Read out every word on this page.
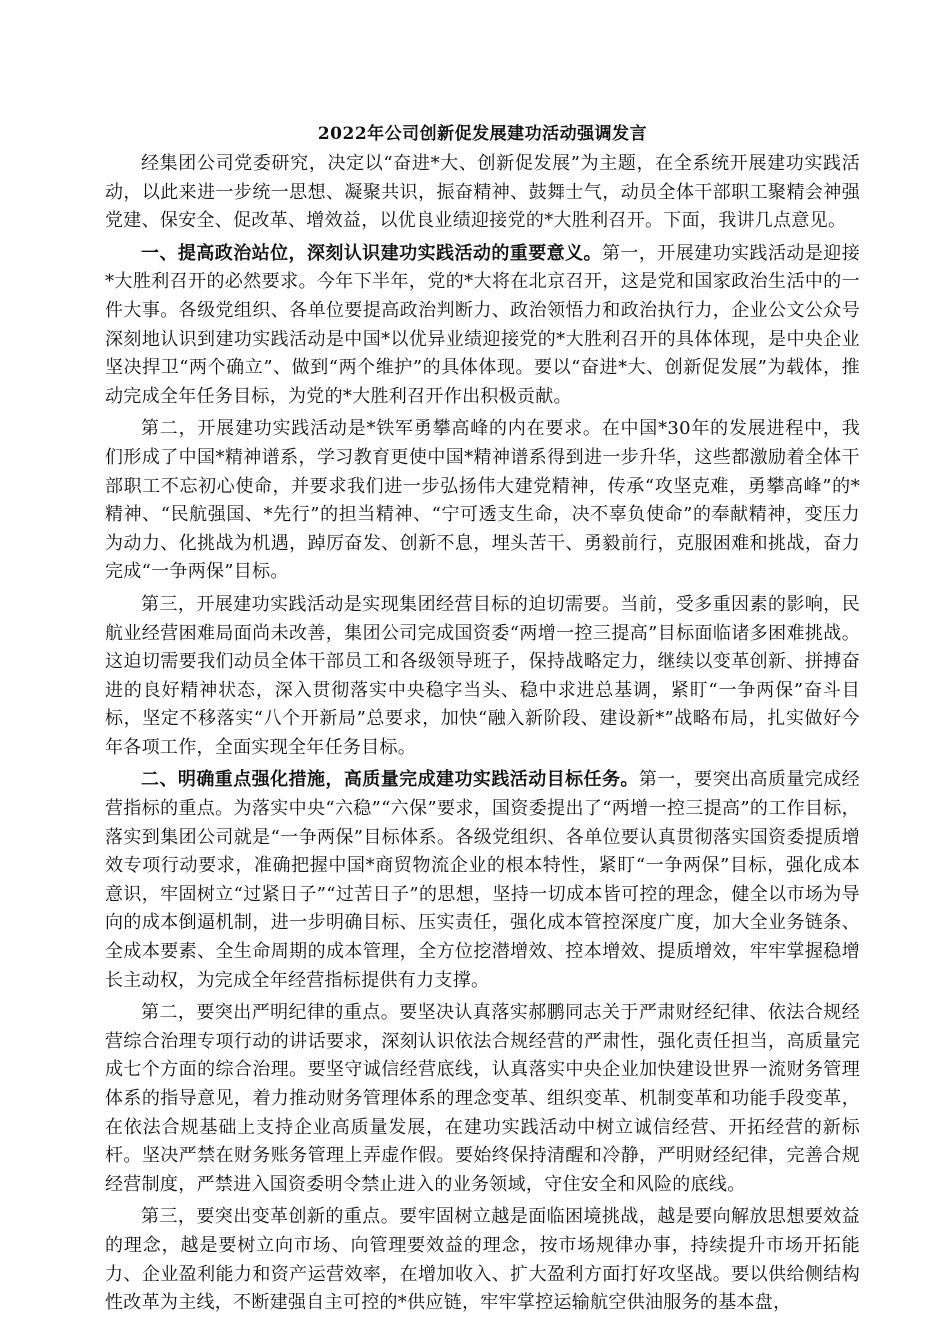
2022年公司创新促发展建功活动强调发言

经集团公司党委研究，决定以“奋进*大、创新促发展”为主题，在全系统开展建功实践活动，以此来进一步统一思想、凝聚共识，振奋精神、鼓舞士气，动员全体干部职工聚精会神强党建、保安全、促改革、增效益，以优良业绩迎接党的*大胜利召开。下面，我讲几点意见。

一、提高政治站位，深刻认识建功实践活动的重要意义。第一，开展建功实践活动是迎接*大胜利召开的必然要求。今年下半年，党的*大将在北京召开，这是党和国家政治生活中的一件大事。各级党组织、各单位要提高政治判断力、政治领悟力和政治执行力，企业公文公众号深刻地认识到建功实践活动是中国*以优异业绩迎接党的*大胜利召开的具体体现，是中央企业坚决捍卫“两个确立”、做到“两个维护”的具体体现。要以“奋进*大、创新促发展”为载体，推动完成全年任务目标，为党的*大胜利召开作出积极贡献。

第二，开展建功实践活动是*铁军勇攀高峰的内在要求。在中国*30年的发展进程中，我们形成了中国*精神谱系，学习教育更使中国*精神谱系得到进一步升华，这些都激励着全体干部职工不忘初心使命，并要求我们进一步弘扬伟大建党精神，传承“攻坚克难，勇攀高峰”的*精神、“民航强国、*先行”的担当精神、“宁可透支生命，决不辜负使命”的奉献精神，变压力为动力、化挑战为机遇，踔厉奋发、创新不息，埋头苦干、勇毅前行，克服困难和挑战，奋力完成“一争两保”目标。

第三，开展建功实践活动是实现集团经营目标的迫切需要。当前，受多重因素的影响，民航业经营困难局面尚未改善，集团公司完成国资委“两增一控三提高”目标面临诸多困难挑战。这迫切需要我们动员全体干部员工和各级领导班子，保持战略定力，继续以变革创新、拼搏奋进的良好精神状态，深入贯彻落实中央稳字当头、稳中求进总基调，紧盯“一争两保”奋斗目标，坚定不移落实“八个开新局”总要求，加快“融入新阶段、建设新*”战略布局，扎实做好今年各项工作，全面实现全年任务目标。

二、明确重点强化措施，高质量完成建功实践活动目标任务。第一，要突出高质量完成经营指标的重点。为落实中央“六稳”“六保”要求，国资委提出了“两增一控三提高”的工作目标，落实到集团公司就是“一争两保”目标体系。各级党组织、各单位要认真贯彻落实国资委提质增效专项行动要求，准确把握中国*商贸物流企业的根本特性，紧盯“一争两保”目标，强化成本意识，牢固树立“过紧日子”“过苦日子”的思想，坚持一切成本皆可控的理念，健全以市场为导向的成本倒逼机制，进一步明确目标、压实责任，强化成本管控深度广度，加大全业务链条、全成本要素、全生命周期的成本管理，全方位挖潜增效、控本增效、提质增效，牢牢掌握稳增长主动权，为完成全年经营指标提供有力支撑。

第二，要突出严明纪律的重点。要坚决认真落实郝鹏同志关于严肃财经纪律、依法合规经营综合治理专项行动的讲话要求，深刻认识依法合规经营的严肃性，强化责任担当，高质量完成七个方面的综合治理。要坚守诚信经营底线，认真落实中央企业加快建设世界一流财务管理体系的指导意见，着力推动财务管理体系的理念变革、组织变革、机制变革和功能手段变革，在依法合规基础上支持企业高质量发展，在建功实践活动中树立诚信经营、开拓经营的新标杆。坚决严禁在财务账务管理上弄虚作假。要始终保持清醒和冷静，严明财经纪律，完善合规经营制度，严禁进入国资委明令禁止进入的业务领域，守住安全和风险的底线。

第三，要突出变革创新的重点。要牢固树立越是面临困境挑战，越是要向解放思想要效益的理念，越是要树立向市场、向管理要效益的理念，按市场规律办事，持续提升市场开拓能力、企业盈利能力和资产运营效率，在增加收入、扩大盈利方面打好攻坚战。要以供给侧结构性改革为主线，不断建强自主可控的*供应链，牢牢掌控运输航空供油服务的基本盘，
